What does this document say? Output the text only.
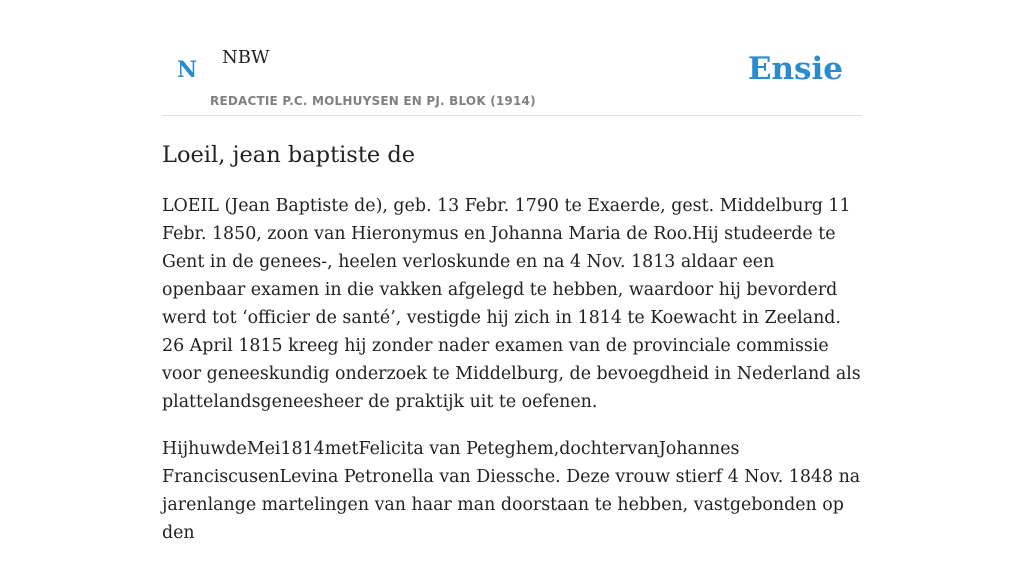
N NBW
REDACTIE P.C. MOLHUYSEN EN PJ. BLOK (1914)
Ensie
Loeil, jean baptiste de

LOEIL (Jean Baptiste de), geb. 13 Febr. 1790 te Exaerde, gest. Middelburg 11 Febr. 1850, zoon van Hieronymus en Johanna Maria de Roo.Hij studeerde te Gent in de genees-, heelen verloskunde en na 4 Nov. 1813 aldaar een openbaar examen in die vakken afgelegd te hebben, waardoor hij bevorderd werd tot ‘officier de santé’, vestigde hij zich in 1814 te Koewacht in Zeeland. 26 April 1815 kreeg hij zonder nader examen van de provinciale commissie voor geneeskundig onderzoek te Middelburg, de bevoegdheid in Nederland als plattelandsgeneesheer de praktijk uit te oefenen.

HijhuwdeMei1814metFelicita van Peteghem,dochtervanJohannes FranciscusenLevina Petronella van Diessche. Deze vrouw stierf 4 Nov. 1848 na jarenlange martelingen van haar man doorstaan te hebben, vastgebonden op den
